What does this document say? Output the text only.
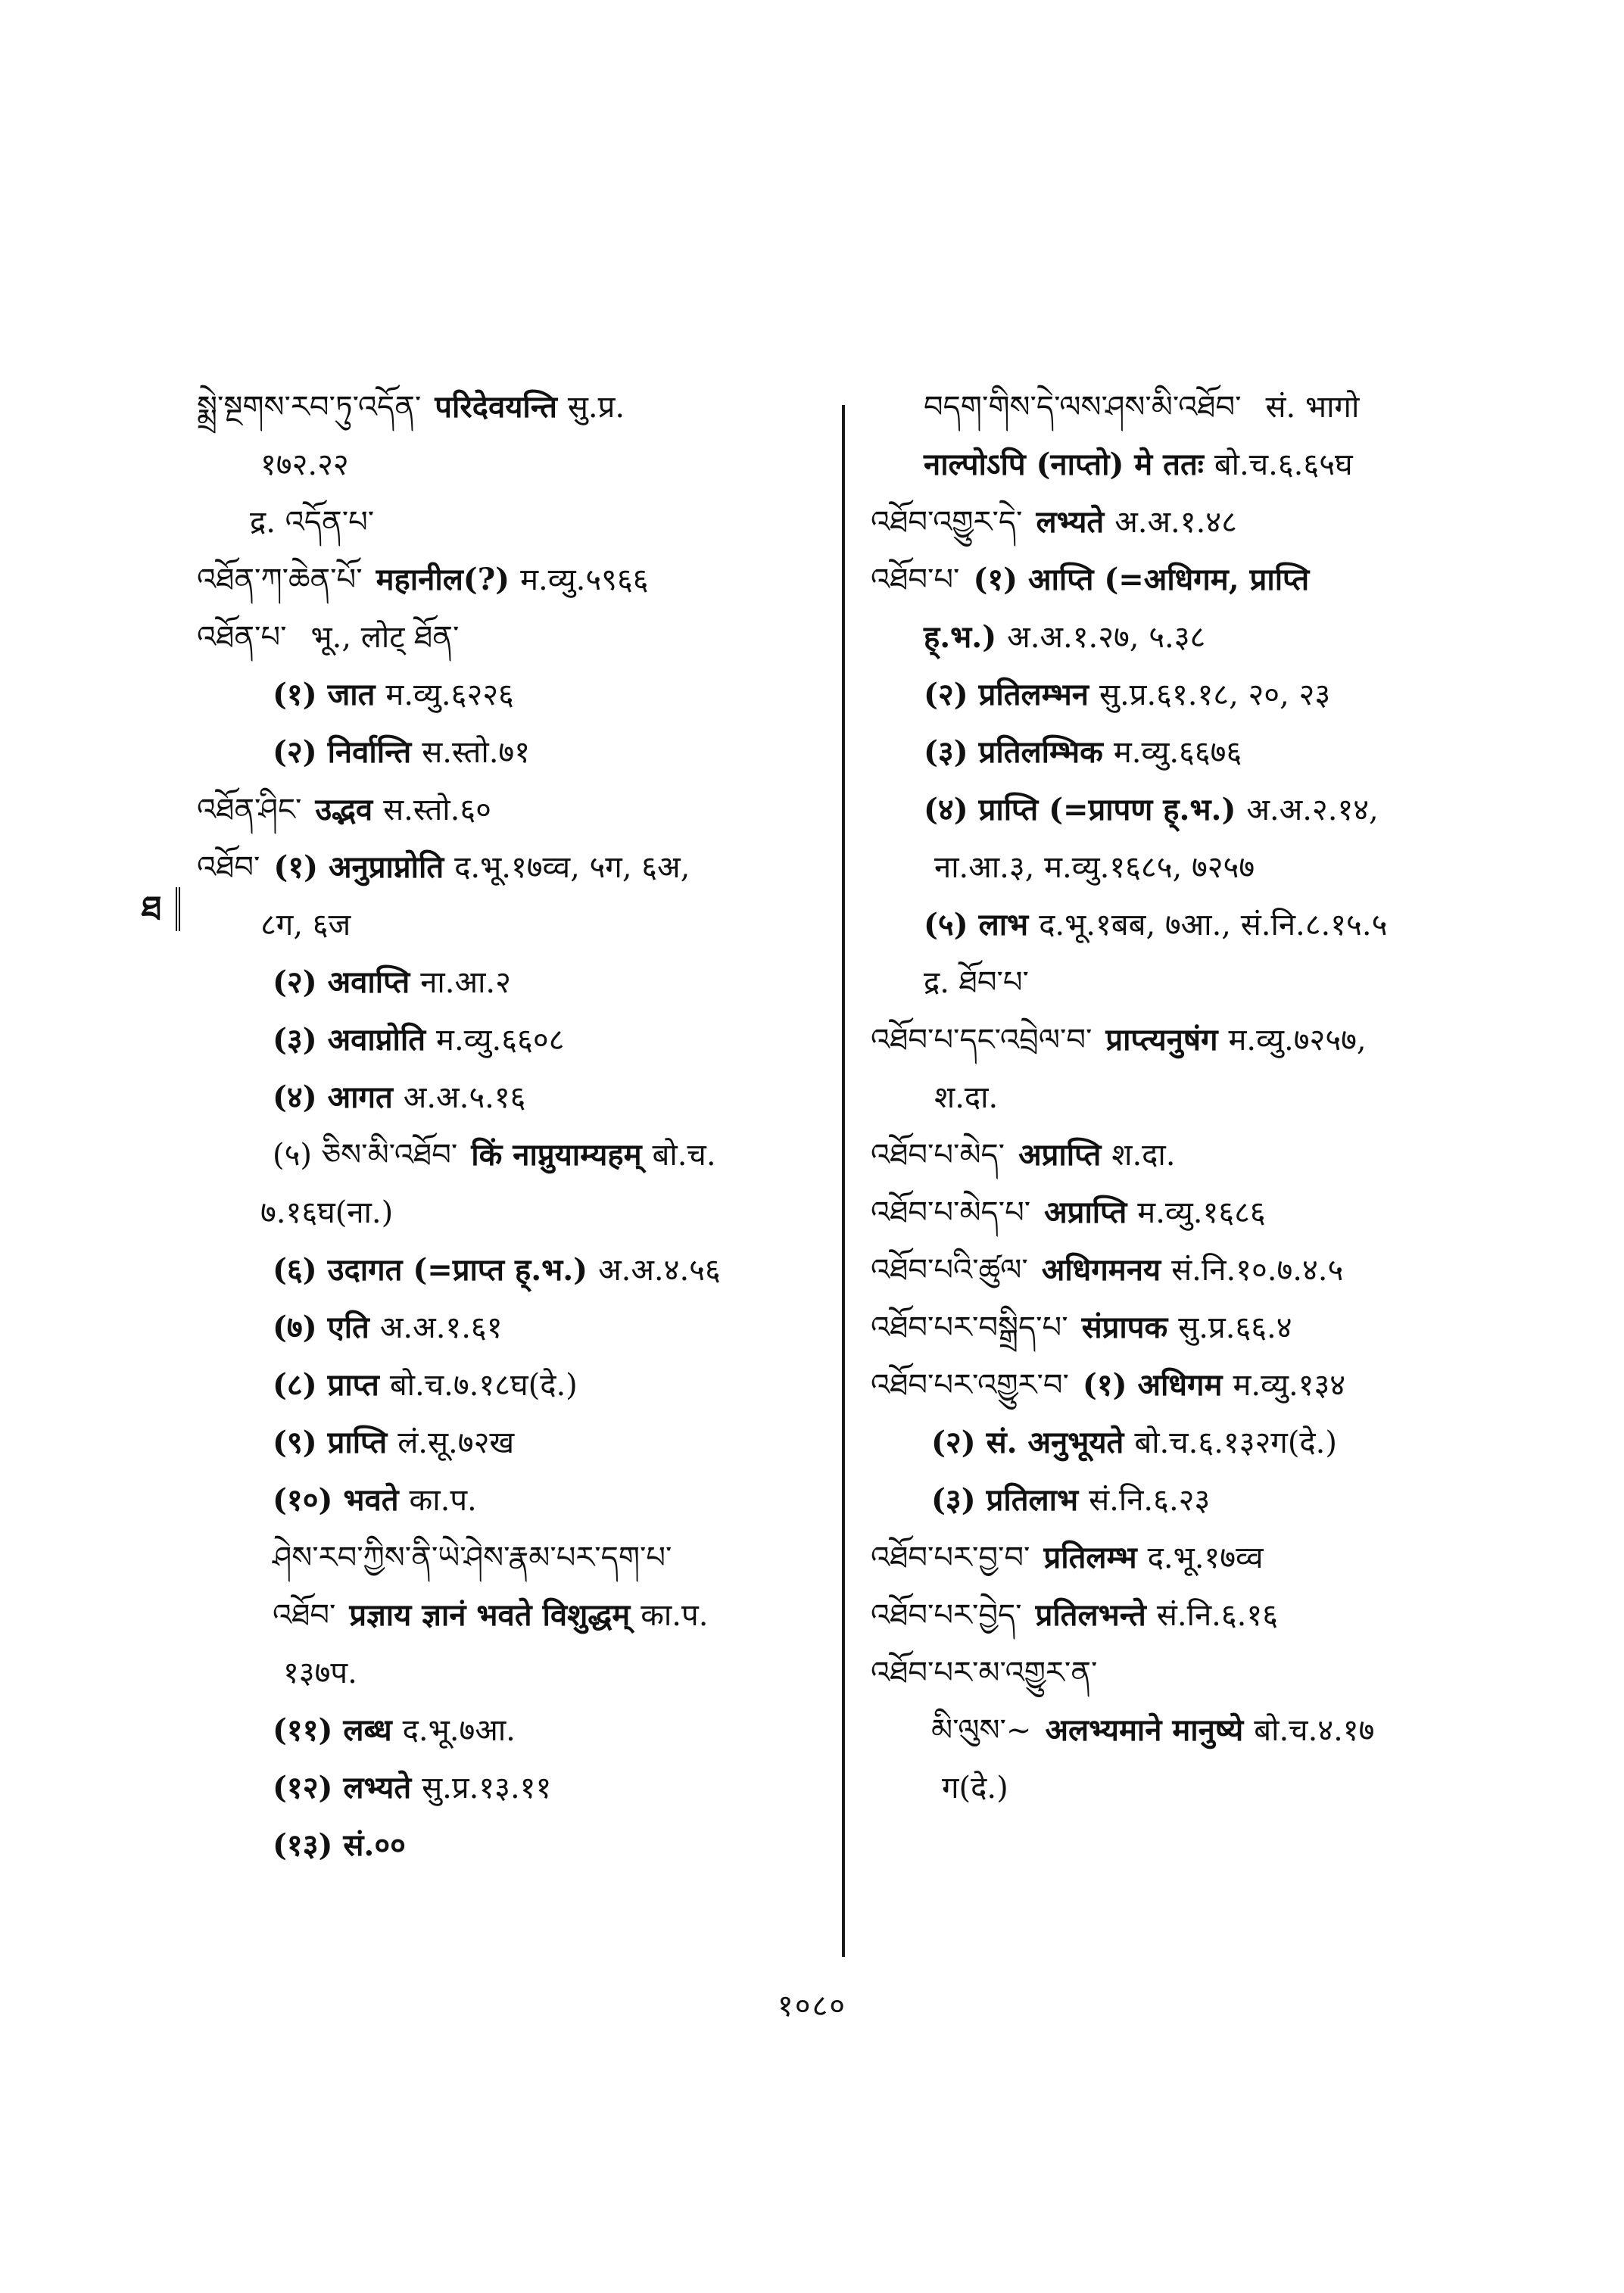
སྨྲེ་སྔགས་རབ་ཏུ་འདོན་ परिदेवयन्ति सु.प्र.
१७२.२२
द्र. འདོན་པ་
འཐོན་ཀ་ཆེན་པོ་ महानील(?) म.व्यु.५९६६
འཐོན་པ་ भू., लोट् ཐོན་
(१) जात म.व्यु.६२२६
(२) निर्वान्ति स.स्तो.७१
འཐོན་ཤིང་ उद्भव स.स्तो.६०
འཐོབ་ (१) अनुप्राप्नोति द.भू.१७व्व, ५ग, ६अ,
८ग, ६ज
(२) अवाप्ति ना.आ.२
(३) अवाप्नोति म.व्यु.६६०८
(४) आगत अ.अ.५.१६
(५) ཅིས་མི་འཐོབ་ किं नाप्नुयाम्यहम् बो.च.
७.१६घ(ना.)
(६) उदागत (=प्राप्त ह्.भ.) अ.अ.४.५६
(७) एति अ.अ.१.६१
(८) प्राप्त बो.च.७.१८घ(दे.)
(९) प्राप्ति लं.सू.७२ख
(१०) भवते का.प.
ཤེས་རབ་ཀྱིས་ནི་ཡེ་ཤེས་རྣམ་པར་དག་པ་
འཐོབ་ प्रज्ञाय ज्ञानं भवते विशुद्धम् का.प.
१३७प.
(११) लब्ध द.भू.७आ.
(१२) लभ्यते सु.प्र.१३.११
(१३) सं.००
བདག་གིས་དེ་ལས་ཤས་མི་འཐོབ་ सं. भागो
नाल्पोऽपि (नाप्तो) मे ततः बो.च.६.६५घ
འཐོབ་འགྱུར་དེ་ लभ्यते अ.अ.१.४८
འཐོབ་པ་ (१) आप्ति (=अधिगम, प्राप्ति
ह्.भ.) अ.अ.१.२७, ५.३८
(२) प्रतिलम्भन सु.प्र.६१.१८, २०, २३
(३) प्रतिलम्भिक म.व्यु.६६७६
(४) प्राप्ति (=प्रापण ह्.भ.) अ.अ.२.१४,
ना.आ.३, म.व्यु.१६८५, ७२५७
(५) लाभ द.भू.१बब, ७आ., सं.नि.८.१५.५
द्र. ཐོབ་པ་
འཐོབ་པ་དང་འབྲེལ་བ་ प्राप्त्यनुषंग म.व्यु.७२५७,
श.दा.
འཐོབ་པ་མེད་ अप्राप्ति श.दा.
འཐོབ་པ་མེད་པ་ अप्राप्ति म.व्यु.१६८६
འཐོབ་པའི་ཚུལ་ अधिगमनय सं.नि.१०.७.४.५
འཐོབ་པར་བསྒྲིད་པ་ संप्रापक सु.प्र.६६.४
འཐོབ་པར་འགྱུར་བ་ (१) अधिगम म.व्यु.१३४
(२) सं. अनुभूयते बो.च.६.१३२ग(दे.)
(३) प्रतिलाभ सं.नि.६.२३
འཐོབ་པར་བྱ་བ་ प्रतिलम्भ द.भू.१७व्व
འཐོབ་པར་བྱེད་ प्रतिलभन्ते सं.नि.६.१६
འཐོབ་པར་མ་འགྱུར་ན་
མི་ལུས་~ अलभ्यमाने मानुष्ये बो.च.४.१७
ग(दे.)
ཐ
१०८०
